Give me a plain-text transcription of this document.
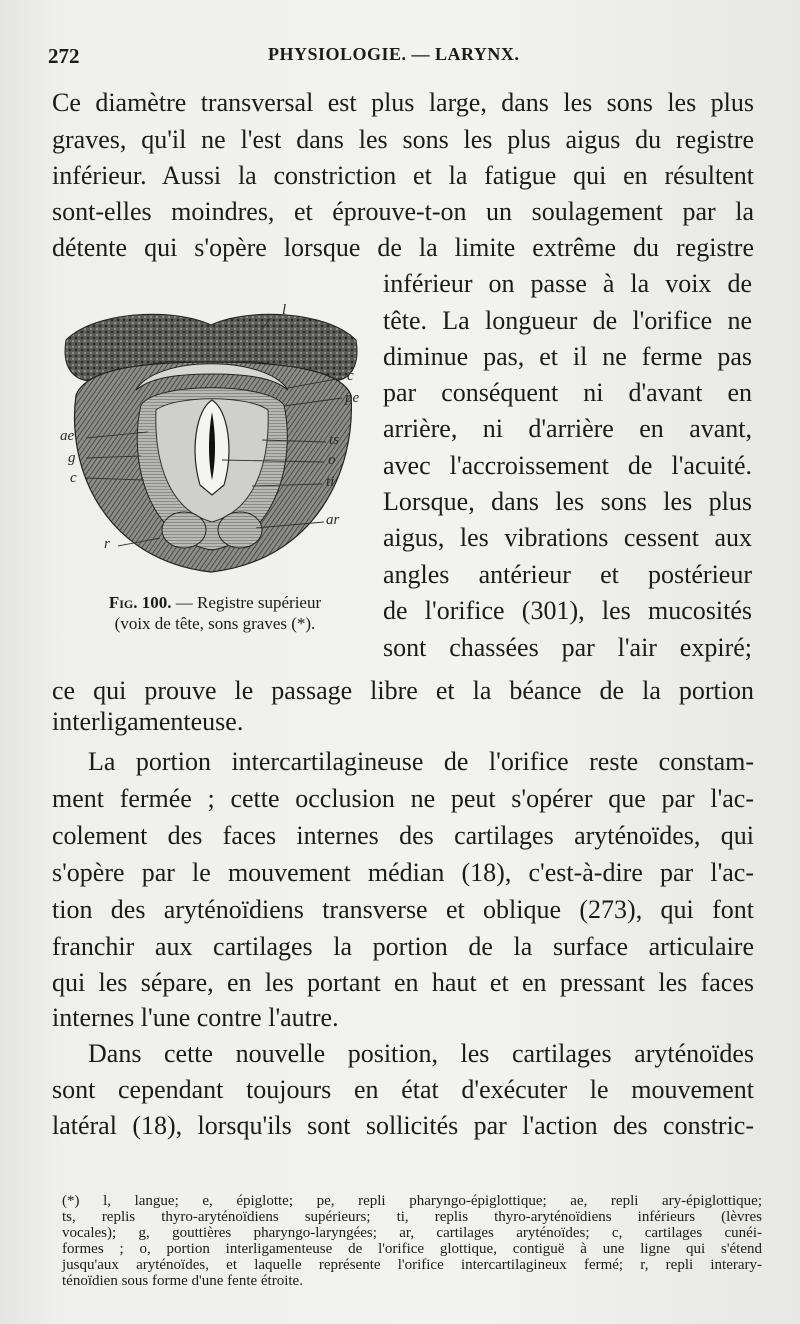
272	PHYSIOLOGIE. — LARYNX.
Ce diamètre transversal est plus large, dans les sons les plus
graves, qu'il ne l'est dans les sons les plus aigus du registre
inférieur. Aussi la constriction et la fatigue qui en résultent
sont-elles moindres, et éprouve-t-on un soulagement par la
détente qui s'opère lorsque de la limite extrême du registre
inférieur on passe à la voix de
tête. La longueur de l'orifice ne
diminue pas, et il ne ferme pas
par conséquent ni d'avant en
arrière, ni d'arrière en avant,
avec l'accroissement de l'acuité.
Lorsque, dans les sons les plus
aigus, les vibrations cessent aux
angles antérieur et postérieur
de l'orifice (301), les mucosités
sont chassées par l'air expiré;
ce qui prouve le passage libre et la béance de la portion
interligamenteuse.
La portion intercartilagineuse de l'orifice reste constam-
ment fermée ; cette occlusion ne peut s'opérer que par l'ac-
colement des faces internes des cartilages aryténoïdes, qui
s'opère par le mouvement médian (18), c'est-à-dire par l'ac-
tion des aryténoïdiens transverse et oblique (273), qui font
franchir aux cartilages la portion de la surface articulaire
qui les sépare, en les portant en haut et en pressant les faces
internes l'une contre l'autre.
Dans cette nouvelle position, les cartilages aryténoïdes
sont cependant toujours en état d'exécuter le mouvement
latéral (18), lorsqu'ils sont sollicités par l'action des constric-
l
c
pe
ae	ts
g	o
c	ti
ar
r
Fig. 100. — Registre supérieur
(voix de tête, sons graves (*).
(*) l, langue; e, épiglotte; pe, repli pharyngo-épiglottique; ae, repli ary-épiglottique;
ts, replis thyro-aryténoïdiens supérieurs; ti, replis thyro-aryténoïdiens inférieurs (lèvres
vocales); g, gouttières pharyngo-laryngées; ar, cartilages aryténoïdes; c, cartilages cunéi-
formes ; o, portion interligamenteuse de l'orifice glottique, contiguë à une ligne qui s'étend
jusqu'aux aryténoïdes, et laquelle représente l'orifice intercartilagineux fermé; r, repli interary-
ténoïdien sous forme d'une fente étroite.
